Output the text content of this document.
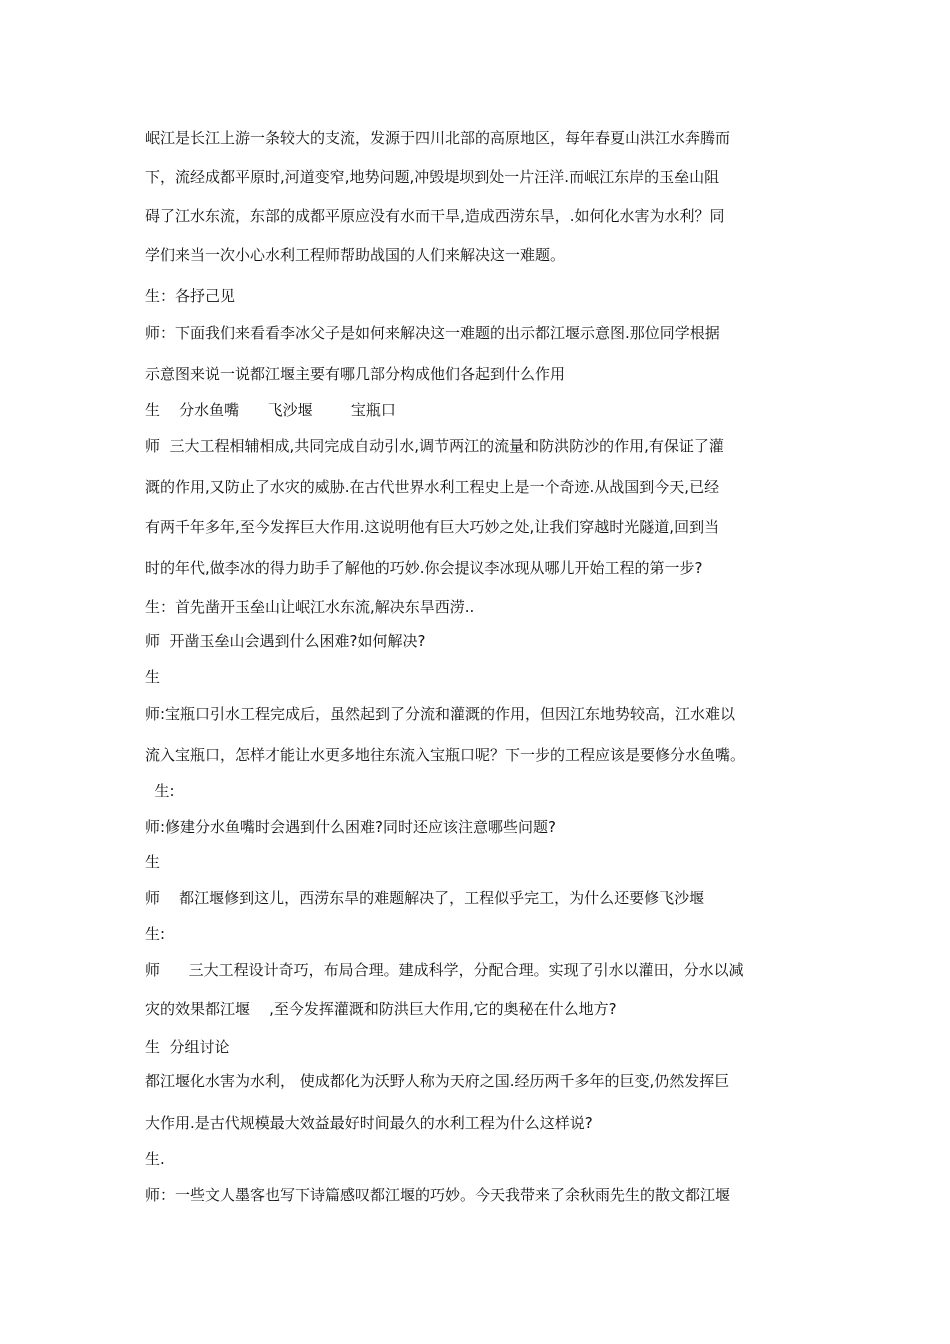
岷江是长江上游一条较大的支流，发源于四川北部的高原地区，每年春夏山洪江水奔腾而
下，流经成都平原时,河道变窄,地势问题,冲毁堤坝到处一片汪洋.而岷江东岸的玉垒山阻
碍了江水东流，东部的成都平原应没有水而干旱,造成西涝东旱，.如何化水害为水利？同
学们来当一次小心水利工程师帮助战国的人们来解决这一难题。
生：各抒己见
师：下面我们来看看李冰父子是如何来解决这一难题的出示都江堰示意图.那位同学根据
示意图来说一说都江堰主要有哪几部分构成他们各起到什么作用
生    分水鱼嘴      飞沙堰        宝瓶口
师  三大工程相辅相成,共同完成自动引水,调节两江的流量和防洪防沙的作用,有保证了灌
溉的作用,又防止了水灾的威胁.在古代世界水利工程史上是一个奇迹.从战国到今天,已经
有两千年多年,至今发挥巨大作用.这说明他有巨大巧妙之处,让我们穿越时光隧道,回到当
时的年代,做李冰的得力助手了解他的巧妙.你会提议李冰现从哪儿开始工程的第一步?
生：首先凿开玉垒山让岷江水东流,解决东旱西涝..
师  开凿玉垒山会遇到什么困难?如何解决?
生
师:宝瓶口引水工程完成后，虽然起到了分流和灌溉的作用，但因江东地势较高，江水难以
流入宝瓶口，怎样才能让水更多地往东流入宝瓶口呢？下一步的工程应该是要修分水鱼嘴。
生:
师:修建分水鱼嘴时会遇到什么困难?同时还应该注意哪些问题?
生
师    都江堰修到这儿，西涝东旱的难题解决了，工程似乎完工，为什么还要修飞沙堰
生:
师      三大工程设计奇巧，布局合理。建成科学，分配合理。实现了引水以灌田，分水以减
灾的效果都江堰    ,至今发挥灌溉和防洪巨大作用,它的奥秘在什么地方?
生  分组讨论
都江堰化水害为水利， 使成都化为沃野人称为天府之国.经历两千多年的巨变,仍然发挥巨
大作用.是古代规模最大效益最好时间最久的水利工程为什么这样说?
生.
师：一些文人墨客也写下诗篇感叹都江堰的巧妙。今天我带来了余秋雨先生的散文都江堰
